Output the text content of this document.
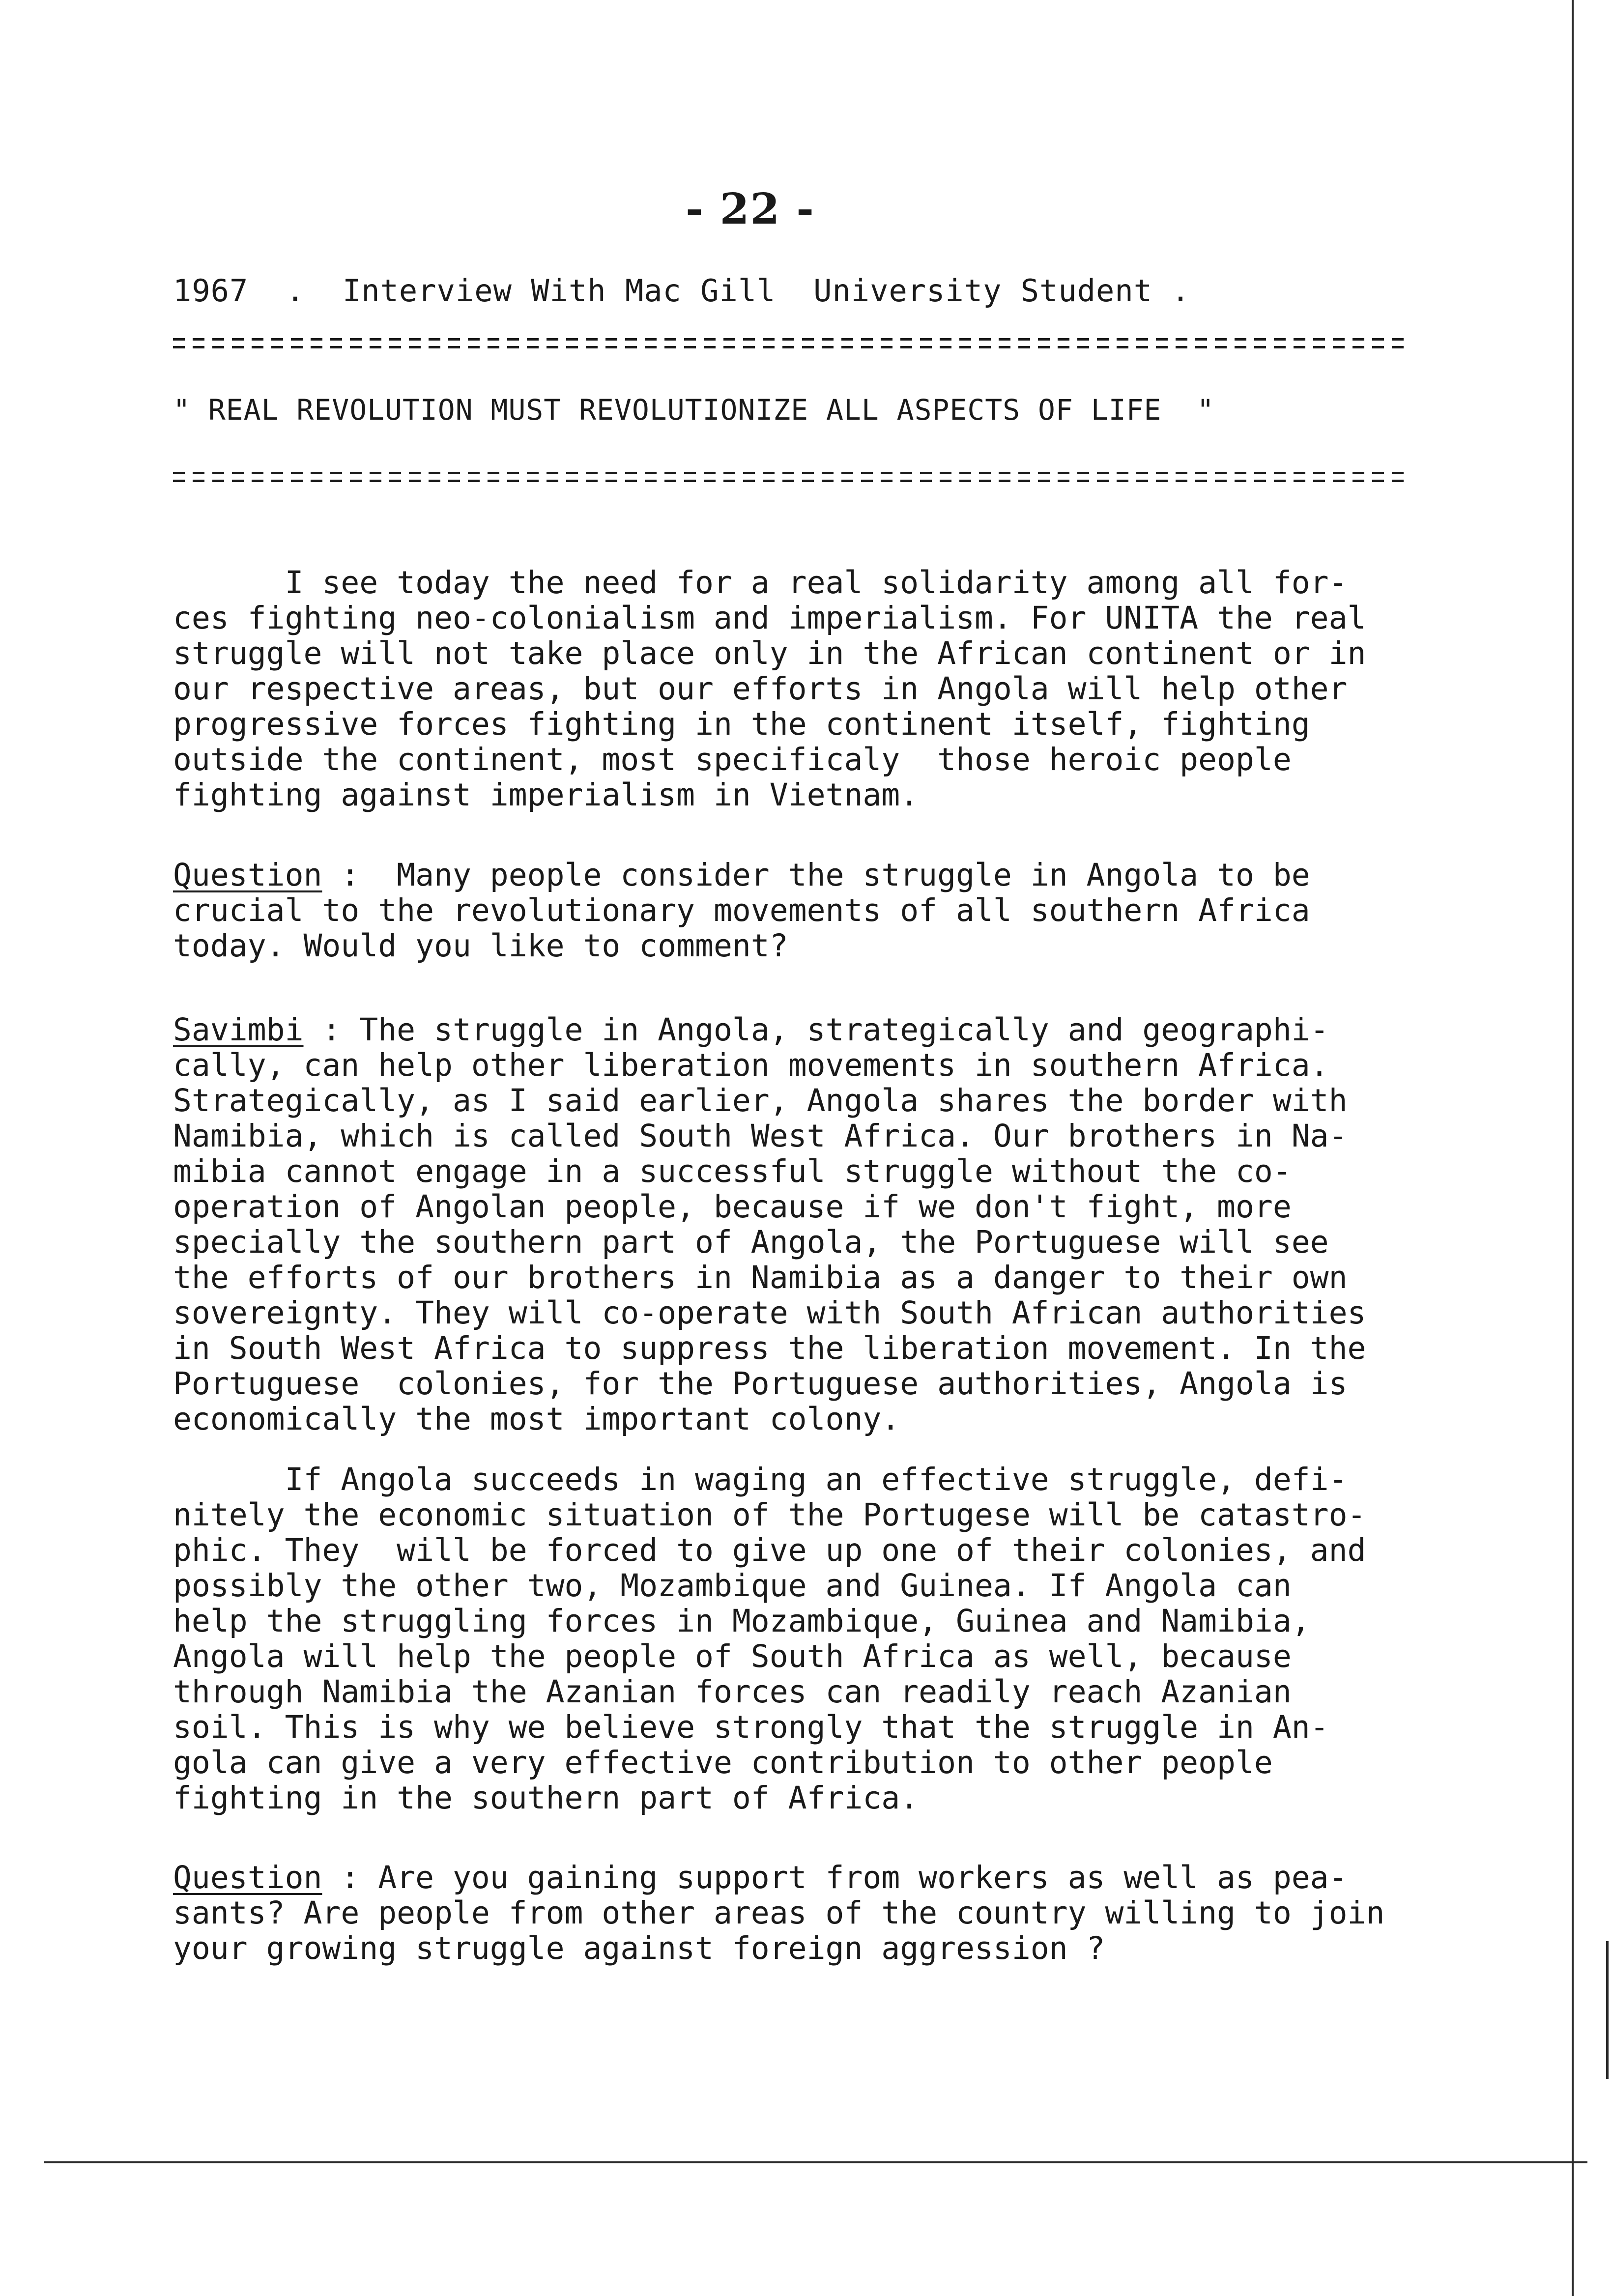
- 22 -
1967 . Interview With Mac Gill  University Student .
" REAL REVOLUTION MUST REVOLUTIONIZE ALL ASPECTS OF LIFE  "
I see today the need for a real solidarity among all for-
ces fighting neo-colonialism and imperialism. For UNITA the real
struggle will not take place only in the African continent or in
our respective areas, but our efforts in Angola will help other
progressive forces fighting in the continent itself, fighting
outside the continent, most specificaly  those heroic people
fighting against imperialism in Vietnam.
Question :  Many people consider the struggle in Angola to be
crucial to the revolutionary movements of all southern Africa
today. Would you like to comment?
Savimbi : The struggle in Angola, strategically and geographi-
cally, can help other liberation movements in southern Africa.
Strategically, as I said earlier, Angola shares the border with
Namibia, which is called South West Africa. Our brothers in Na-
mibia cannot engage in a successful struggle without the co-
operation of Angolan people, because if we don't fight, more
specially the southern part of Angola, the Portuguese will see
the efforts of our brothers in Namibia as a danger to their own
sovereignty. They will co-operate with South African authorities
in South West Africa to suppress the liberation movement. In the
Portuguese  colonies, for the Portuguese authorities, Angola is
economically the most important colony.
If Angola succeeds in waging an effective struggle, defi-
nitely the economic situation of the Portugese will be catastro-
phic. They  will be forced to give up one of their colonies, and
possibly the other two, Mozambique and Guinea. If Angola can
help the struggling forces in Mozambique, Guinea and Namibia,
Angola will help the people of South Africa as well, because
through Namibia the Azanian forces can readily reach Azanian
soil. This is why we believe strongly that the struggle in An-
gola can give a very effective contribution to other people
fighting in the southern part of Africa.
Question : Are you gaining support from workers as well as pea-
sants? Are people from other areas of the country willing to join
your growing struggle against foreign aggression ?
